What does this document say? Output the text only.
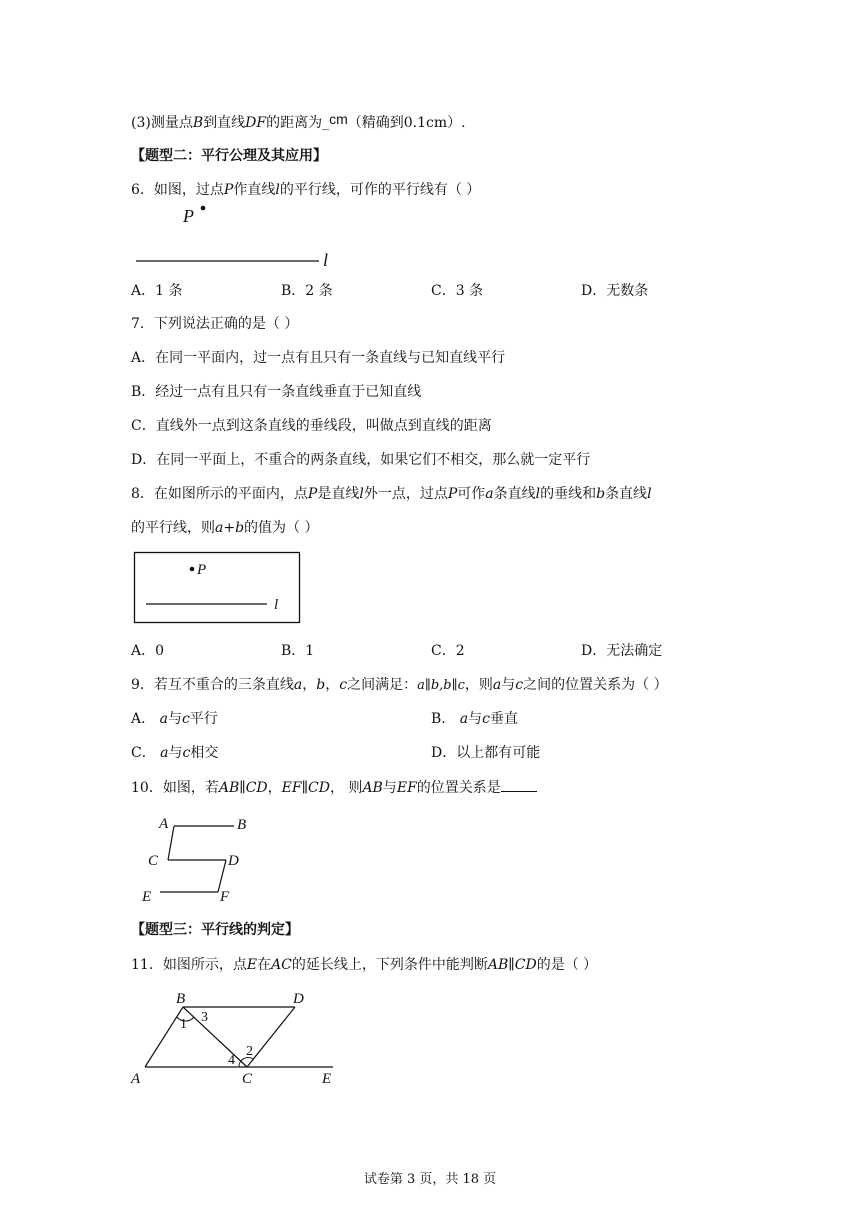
(3)测量点B到直线DF的距离为_cm（精确到0.1cm）.
【题型二：平行公理及其应用】
6．如图，过点P作直线l的平行线，可作的平行线有（ ）
P
l
A．1 条	B．2 条	C．3 条	D．无数条
7．下列说法正确的是（ ）
A．在同一平面内，过一点有且只有一条直线与已知直线平行
B．经过一点有且只有一条直线垂直于已知直线
C．直线外一点到这条直线的垂线段，叫做点到直线的距离
D．在同一平面上，不重合的两条直线，如果它们不相交，那么就一定平行
8．在如图所示的平面内，点P是直线l外一点，过点P可作a条直线l的垂线和b条直线l
的平行线，则a+b的值为（ ）
P
l
A．0	B．1	C．2	D．无法确定
9．若互不重合的三条直线a，b，c之间满足：a∥b,b∥c，则a与c之间的位置关系为（ ）
A． a与c平行	B． a与c垂直
C． a与c相交	D．以上都有可能
10．如图，若AB∥CD，EF∥CD， 则AB与EF的位置关系是
A	B
C	D
E	F
【题型三：平行线的判定】
11．如图所示，点E在AC的延长线上，下列条件中能判断AB∥CD的是（ ）
B	D
A	C	E
1 3
2
4
试卷第 3 页，共 18 页
